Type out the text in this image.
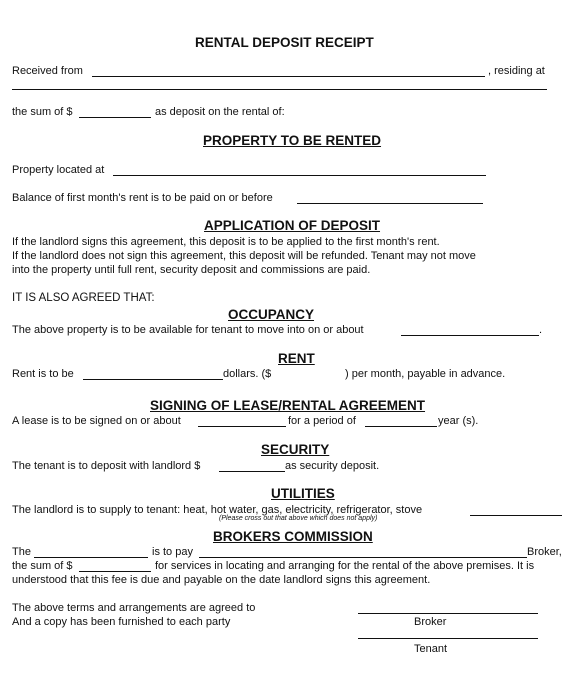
RENTAL DEPOSIT RECEIPT
Received from	, residing at
the sum of $	as deposit on the rental of:
PROPERTY TO BE RENTED
Property located at
Balance of first month's rent is to be paid on or before
APPLICATION OF DEPOSIT
If the landlord signs this agreement, this deposit is to be applied to the first month's rent.
If the landlord does not sign this agreement, this deposit will be refunded. Tenant may not move
into the property until full rent, security deposit and commissions are paid.
IT IS ALSO AGREED THAT:
OCCUPANCY
The above property is to be available for tenant to move into on or about	.
RENT
Rent is to be	dollars. ($	) per month, payable in advance.
SIGNING OF LEASE/RENTAL AGREEMENT
A lease is to be signed on or about	for a period of	year (s).
SECURITY
The tenant is to deposit with landlord $	as security deposit.
UTILITIES
The landlord is to supply to tenant: heat, hot water, gas, electricity, refrigerator, stove
(Please cross out that above which does not apply)
BROKERS COMMISSION
The	is to pay	Broker,
the sum of $	for services in locating and arranging for the rental of the above premises. It is
understood that this fee is due and payable on the date landlord signs this agreement.
The above terms and arrangements are agreed to
And a copy has been furnished to each party	Broker
Tenant
